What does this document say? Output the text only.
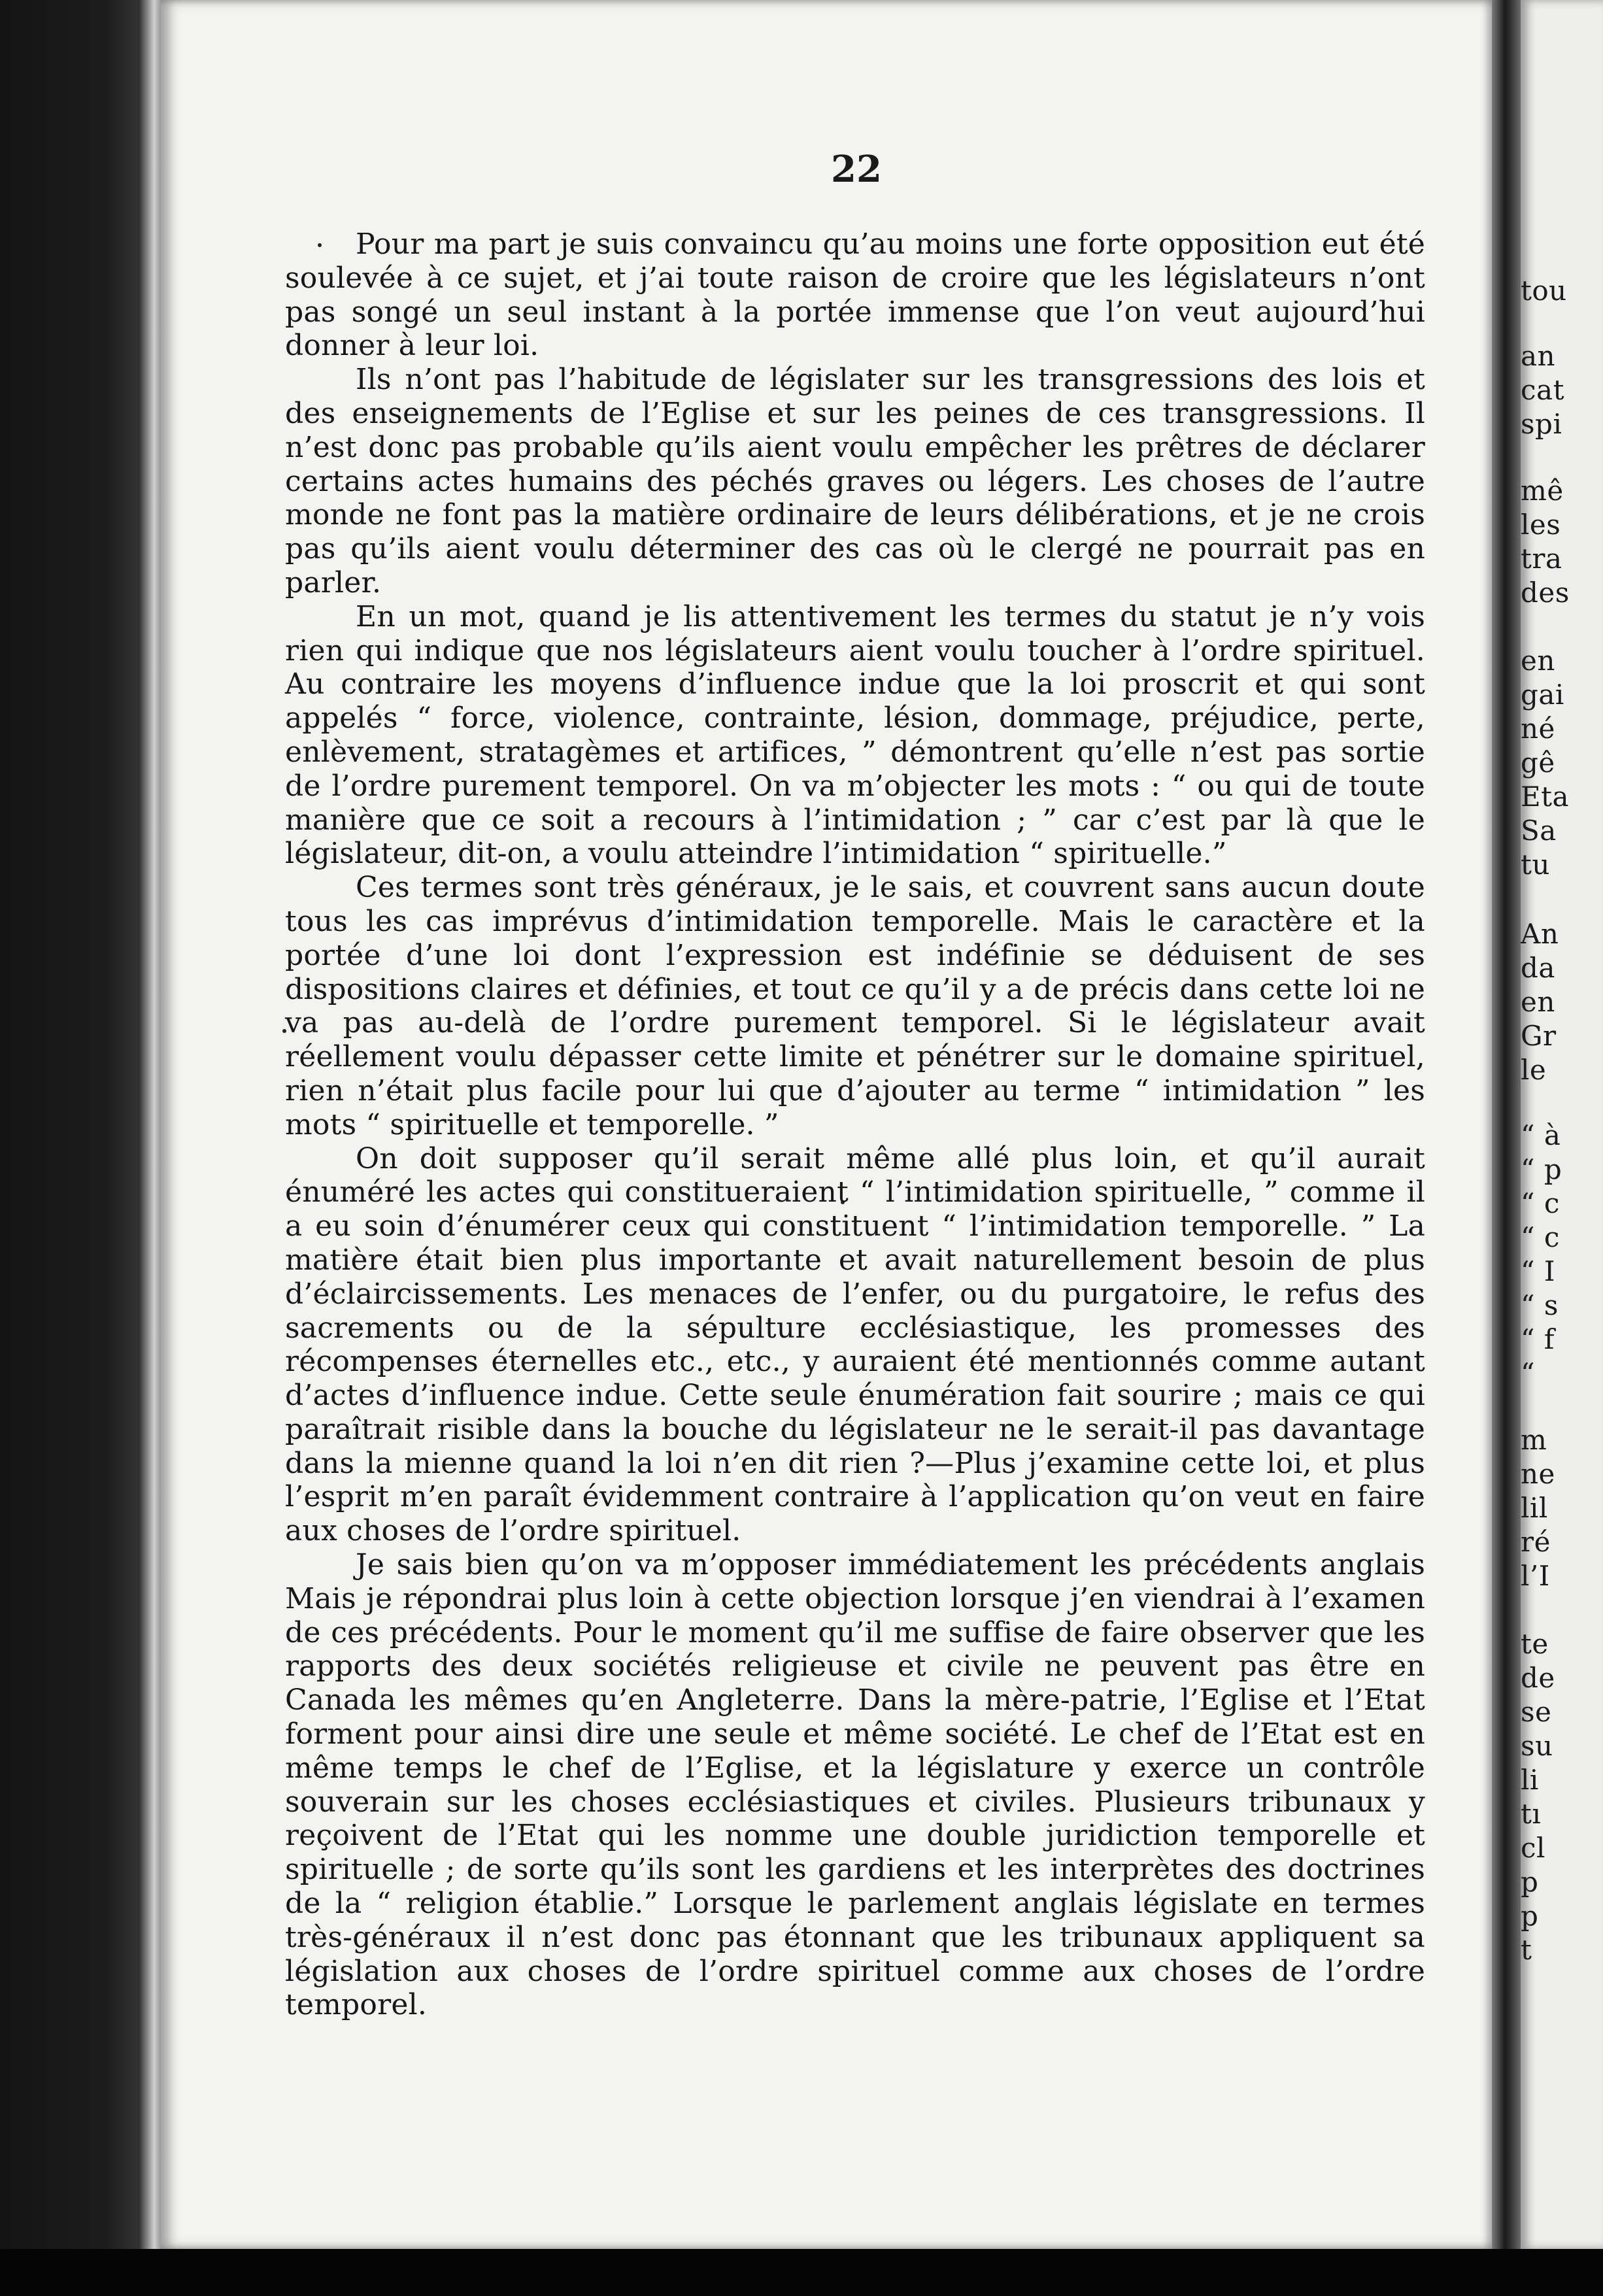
22

Pour ma part je suis convaincu qu’au moins une forte opposition eut été soulevée à ce sujet, et j’ai toute raison de croire que les législateurs n’ont pas songé un seul instant à la portée immense que l’on veut aujourd’hui donner à leur loi.

Ils n’ont pas l’habitude de législater sur les transgressions des lois et des enseignements de l’Eglise et sur les peines de ces transgressions. Il n’est donc pas probable qu’ils aient voulu empêcher les prêtres de déclarer certains actes humains des péchés graves ou légers. Les choses de l’autre monde ne font pas la matière ordinaire de leurs délibérations, et je ne crois pas qu’ils aient voulu déterminer des cas où le clergé ne pourrait pas en parler.

En un mot, quand je lis attentivement les termes du statut je n’y vois rien qui indique que nos législateurs aient voulu toucher à l’ordre spirituel. Au contraire les moyens d’influence indue que la loi proscrit et qui sont appelés “ force, violence, contrainte, lésion, dommage, préjudice, perte, enlèvement, stratagèmes et artifices, ” démontrent qu’elle n’est pas sortie de l’ordre purement temporel. On va m’objecter les mots : “ ou qui de toute manière que ce soit a recours à l’intimidation ; ” car c’est par là que le législateur, dit-on, a voulu atteindre l’intimidation “ spirituelle.”

Ces termes sont très généraux, je le sais, et couvrent sans aucun doute tous les cas imprévus d’intimidation temporelle. Mais le caractère et la portée d’une loi dont l’expression est indéfinie se déduisent de ses dispositions claires et définies, et tout ce qu’il y a de précis dans cette loi ne va pas au-delà de l’ordre purement temporel. Si le législateur avait réellement voulu dépasser cette limite et pénétrer sur le domaine spirituel, rien n’était plus facile pour lui que d’ajouter au terme “ intimidation ” les mots “ spirituelle et temporelle. ”

On doit supposer qu’il serait même allé plus loin, et qu’il aurait énuméré les actes qui constitueraient “ l’intimidation spirituelle, ” comme il a eu soin d’énumérer ceux qui constituent “ l’intimidation temporelle. ” La matière était bien plus importante et avait naturellement besoin de plus d’éclaircissements. Les menaces de l’enfer, ou du purgatoire, le refus des sacrements ou de la sépulture ecclésiastique, les promesses des récompenses éternelles etc., etc., y auraient été mentionnés comme autant d’actes d’influence indue. Cette seule énumération fait sourire ; mais ce qui paraîtrait risible dans la bouche du législateur ne le serait-il pas davantage dans la mienne quand la loi n’en dit rien ?—Plus j’examine cette loi, et plus l’esprit m’en paraît évidemment contraire à l’application qu’on veut en faire aux choses de l’ordre spirituel.

Je sais bien qu’on va m’opposer immédiatement les précédents anglais Mais je répondrai plus loin à cette objection lorsque j’en viendrai à l’examen de ces précédents. Pour le moment qu’il me suffise de faire observer que les rapports des deux sociétés religieuse et civile ne peuvent pas être en Canada les mêmes qu’en Angleterre. Dans la mère-patrie, l’Eglise et l’Etat forment pour ainsi dire une seule et même société. Le chef de l’Etat est en même temps le chef de l’Eglise, et la législature y exerce un contrôle souverain sur les choses ecclésiastiques et civiles. Plusieurs tribunaux y reçoivent de l’Etat qui les nomme une double juridiction temporelle et spirituelle ; de sorte qu’ils sont les gardiens et les interprètes des doctrines de la “ religion établie.” Lorsque le parlement anglais législate en termes très-généraux il n’est donc pas étonnant que les tribunaux appliquent sa législation aux choses de l’ordre spirituel comme aux choses de l’ordre temporel.

tou
an
cat
spi
mê
les
tra
des
en
gai
né
gê
Eta
Sa
tu
An
da
en
Gr
le
“ à
“ p
“ c
“ c
“ I
“ s
“ f
“
m
ne
lil
ré
l’I
te
de
se
su
li
tı
cl
p
p
t
